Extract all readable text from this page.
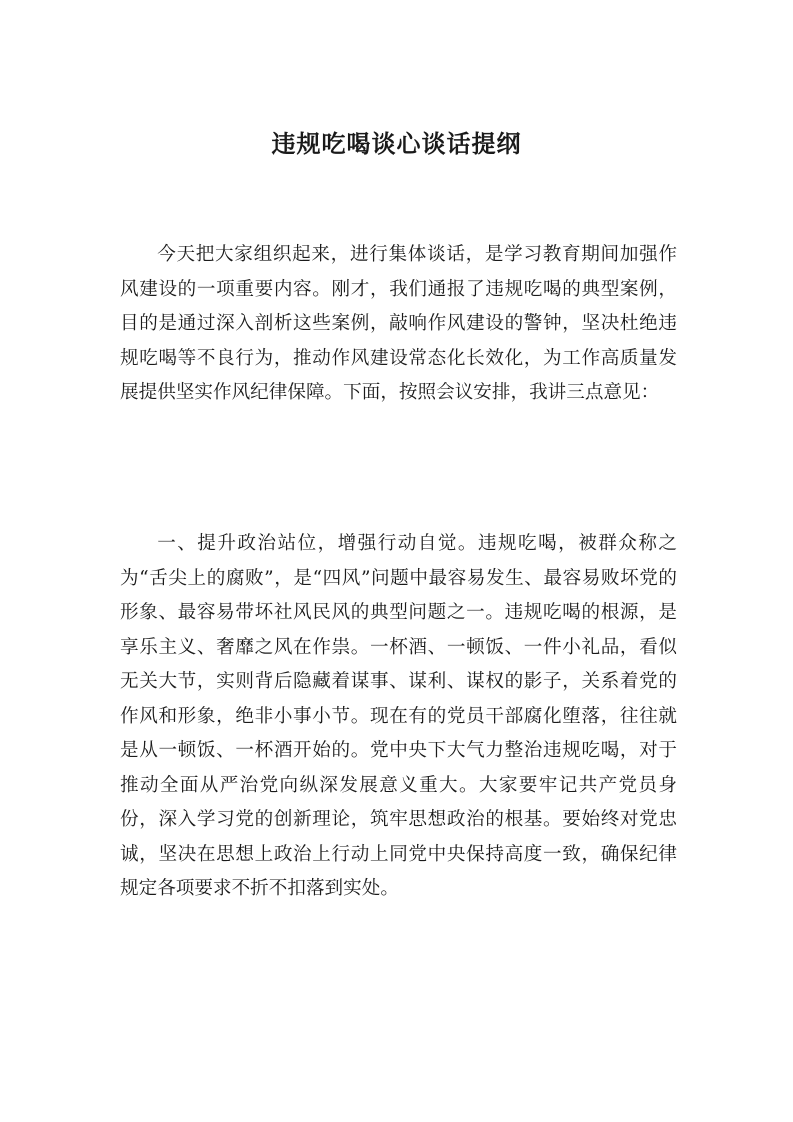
违规吃喝谈心谈话提纲

今天把大家组织起来，进行集体谈话，是学习教育期间加强作风建设的一项重要内容。刚才，我们通报了违规吃喝的典型案例，目的是通过深入剖析这些案例，敲响作风建设的警钟，坚决杜绝违规吃喝等不良行为，推动作风建设常态化长效化，为工作高质量发展提供坚实作风纪律保障。下面，按照会议安排，我讲三点意见：

一、提升政治站位，增强行动自觉。违规吃喝，被群众称之为“舌尖上的腐败”，是“四风”问题中最容易发生、最容易败坏党的形象、最容易带坏社风民风的典型问题之一。违规吃喝的根源，是享乐主义、奢靡之风在作祟。一杯酒、一顿饭、一件小礼品，看似无关大节，实则背后隐藏着谋事、谋利、谋权的影子，关系着党的作风和形象，绝非小事小节。现在有的党员干部腐化堕落，往往就是从一顿饭、一杯酒开始的。党中央下大气力整治违规吃喝，对于推动全面从严治党向纵深发展意义重大。大家要牢记共产党员身份，深入学习党的创新理论，筑牢思想政治的根基。要始终对党忠诚，坚决在思想上政治上行动上同党中央保持高度一致，确保纪律规定各项要求不折不扣落到实处。
